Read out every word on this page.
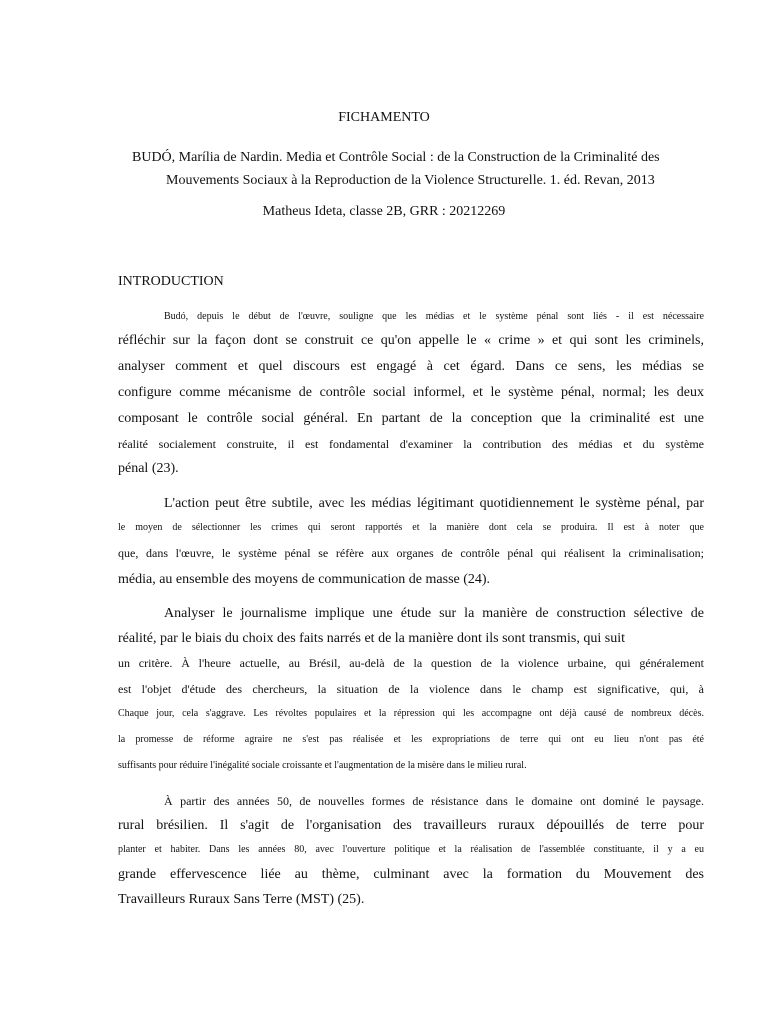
FICHAMENTO
BUDÓ, Marília de Nardin. Media et Contrôle Social : de la Construction de la Criminalité des
Mouvements Sociaux à la Reproduction de la Violence Structurelle. 1. éd. Revan, 2013
Matheus Ideta, classe 2B, GRR : 20212269
INTRODUCTION
Budó, depuis le début de l'œuvre, souligne que les médias et le système pénal sont liés - il est nécessaire
réfléchir sur la façon dont se construit ce qu'on appelle le « crime » et qui sont les criminels,
analyser comment et quel discours est engagé à cet égard. Dans ce sens, les médias se
configure comme mécanisme de contrôle social informel, et le système pénal, normal; les deux
composant le contrôle social général. En partant de la conception que la criminalité est une
réalité socialement construite, il est fondamental d'examiner la contribution des médias et du système
pénal (23).
L'action peut être subtile, avec les médias légitimant quotidiennement le système pénal, par
le moyen de sélectionner les crimes qui seront rapportés et la manière dont cela se produira. Il est à noter que
que, dans l'œuvre, le système pénal se réfère aux organes de contrôle pénal qui réalisent la criminalisation;
média, au ensemble des moyens de communication de masse (24).
Analyser le journalisme implique une étude sur la manière de construction sélective de
réalité, par le biais du choix des faits narrés et de la manière dont ils sont transmis, qui suit
un critère. À l'heure actuelle, au Brésil, au-delà de la question de la violence urbaine, qui généralement
est l'objet d'étude des chercheurs, la situation de la violence dans le champ est significative, qui, à
Chaque jour, cela s'aggrave. Les révoltes populaires et la répression qui les accompagne ont déjà causé de nombreux décès.
la promesse de réforme agraire ne s'est pas réalisée et les expropriations de terre qui ont eu lieu n'ont pas été
suffisants pour réduire l'inégalité sociale croissante et l'augmentation de la misère dans le milieu rural.
À partir des années 50, de nouvelles formes de résistance dans le domaine ont dominé le paysage.
rural brésilien. Il s'agit de l'organisation des travailleurs ruraux dépouillés de terre pour
planter et habiter. Dans les années 80, avec l'ouverture politique et la réalisation de l'assemblée constituante, il y a eu
grande effervescence liée au thème, culminant avec la formation du Mouvement des
Travailleurs Ruraux Sans Terre (MST) (25).
